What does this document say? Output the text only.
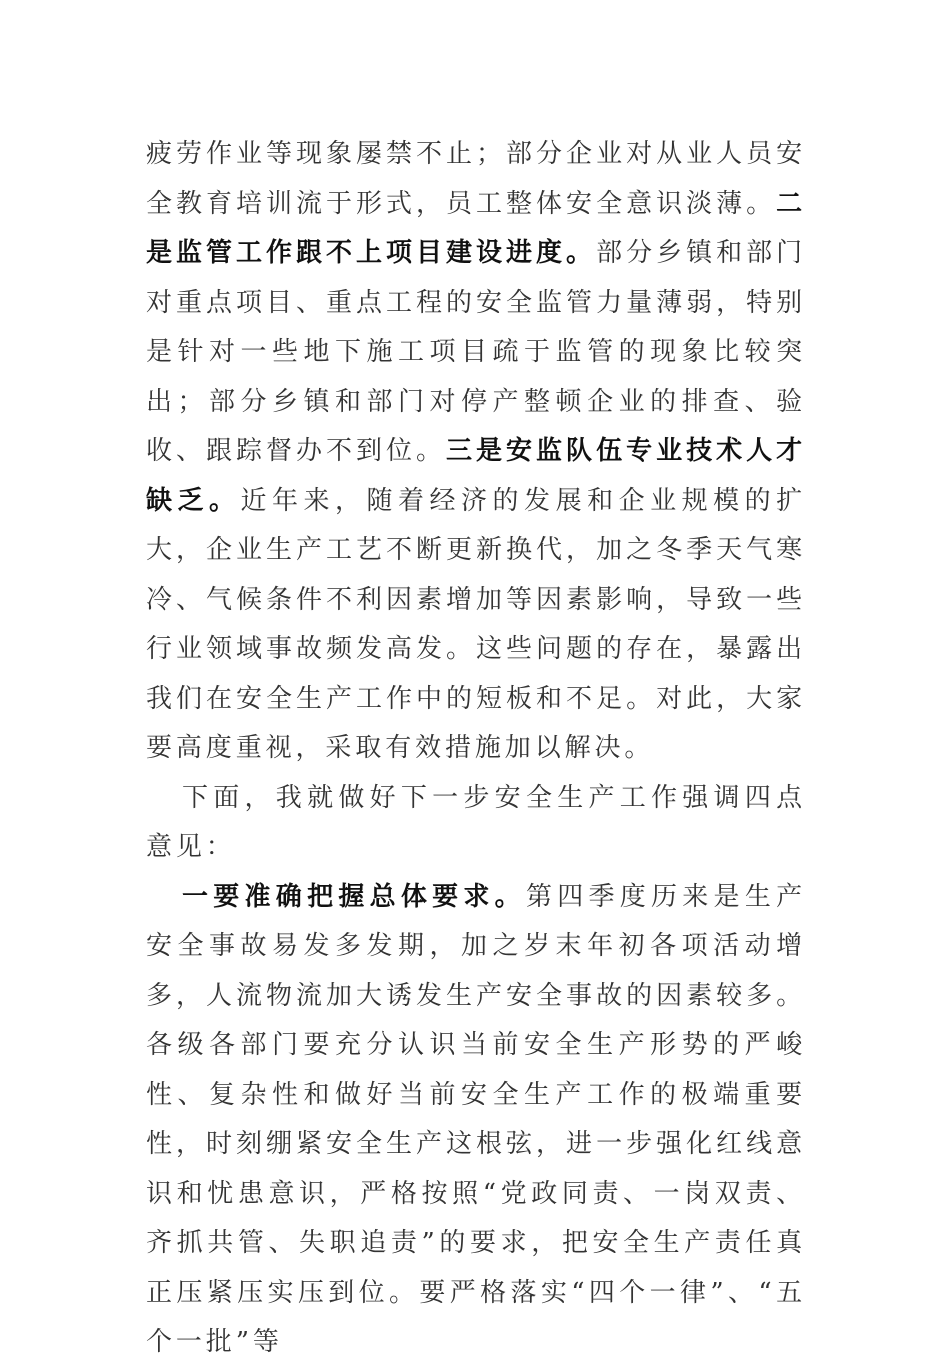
疲劳作业等现象屡禁不止；部分企业对从业人员安全教育培训流于形式，员工整体安全意识淡薄。二是监管工作跟不上项目建设进度。部分乡镇和部门对重点项目、重点工程的安全监管力量薄弱，特别是针对一些地下施工项目疏于监管的现象比较突出；部分乡镇和部门对停产整顿企业的排查、验收、跟踪督办不到位。三是安监队伍专业技术人才缺乏。近年来，随着经济的发展和企业规模的扩大，企业生产工艺不断更新换代，加之冬季天气寒冷、气候条件不利因素增加等因素影响，导致一些行业领域事故频发高发。这些问题的存在，暴露出我们在安全生产工作中的短板和不足。对此，大家要高度重视，采取有效措施加以解决。

下面，我就做好下一步安全生产工作强调四点意见：

一要准确把握总体要求。第四季度历来是生产安全事故易发多发期，加之岁末年初各项活动增多，人流物流加大诱发生产安全事故的因素较多。各级各部门要充分认识当前安全生产形势的严峻性、复杂性和做好当前安全生产工作的极端重要性，时刻绷紧安全生产这根弦，进一步强化红线意识和忧患意识，严格按照“党政同责、一岗双责、齐抓共管、失职追责”的要求，把安全生产责任真正压紧压实压到位。要严格落实“四个一律”、“五个一批”等
